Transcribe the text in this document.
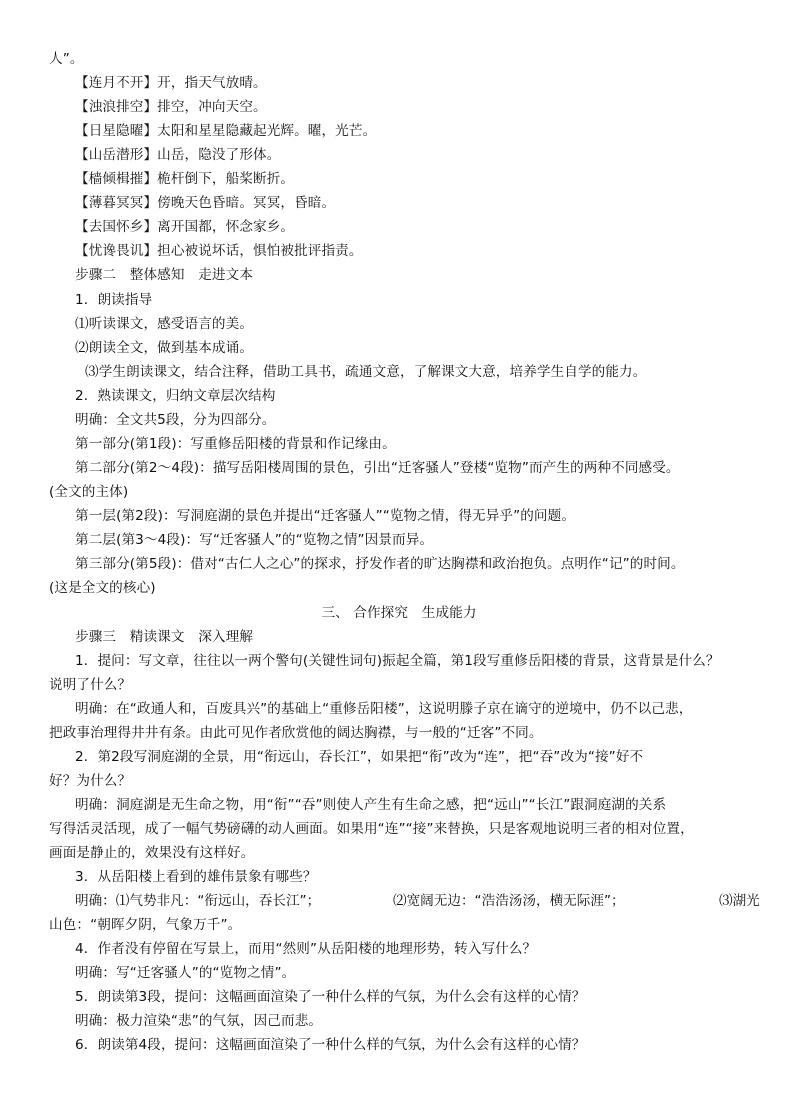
人”。
【连月不开】开，指天气放晴。
【浊浪排空】排空，冲向天空。
【日星隐曜】太阳和星星隐藏起光辉。曜，光芒。
【山岳潜形】山岳，隐没了形体。
【樯倾楫摧】桅杆倒下，船桨断折。
【薄暮冥冥】傍晚天色昏暗。冥冥，昏暗。
【去国怀乡】离开国都，怀念家乡。
【忧谗畏讥】担心被说坏话，惧怕被批评指责。
步骤二　整体感知　走进文本
1．朗读指导
⑴听读课文，感受语言的美。
⑵朗读全文，做到基本成诵。
⑶学生朗读课文，结合注释，借助工具书，疏通文意，了解课文大意，培养学生自学的能力。
2．熟读课文，归纳文章层次结构
明确：全文共5段，分为四部分。
第一部分(第1段)：写重修岳阳楼的背景和作记缘由。
第二部分(第2～4段)：描写岳阳楼周围的景色，引出“迁客骚人”登楼“览物”而产生的两种不同感受。
(全文的主体)
第一层(第2段)：写洞庭湖的景色并提出“迁客骚人”“览物之情，得无异乎”的问题。
第二层(第3～4段)：写“迁客骚人”的“览物之情”因景而异。
第三部分(第5段)：借对“古仁人之心”的探求，抒发作者的旷达胸襟和政治抱负。点明作“记”的时间。
(这是全文的核心)
三、 合作探究　生成能力
步骤三　精读课文　深入理解
1．提问：写文章，往往以一两个警句(关键性词句)振起全篇，第1段写重修岳阳楼的背景，这背景是什么？
说明了什么？
明确：在“政通人和，百废具兴”的基础上“重修岳阳楼”，这说明滕子京在谪守的逆境中，仍不以己悲，
把政事治理得井井有条。由此可见作者欣赏他的阔达胸襟，与一般的“迁客”不同。
2．第2段写洞庭湖的全景，用“衔远山，吞长江”，如果把“衔”改为“连”，把“吞”改为“接”好不
好？为什么？
明确：洞庭湖是无生命之物，用“衔”“吞”则使人产生有生命之感，把“远山”“长江”跟洞庭湖的关系
写得活灵活现，成了一幅气势磅礴的动人画面。如果用“连”“接”来替换，只是客观地说明三者的相对位置，
画面是静止的，效果没有这样好。
3．从岳阳楼上看到的雄伟景象有哪些？
明确：⑴气势非凡：“衔远山，吞长江”；	⑵宽阔无边：“浩浩汤汤，横无际涯”；	⑶湖光
山色：“朝晖夕阴，气象万千”。
4．作者没有停留在写景上，而用“然则”从岳阳楼的地理形势，转入写什么？
明确：写“迁客骚人”的“览物之情”。
5．朗读第3段，提问：这幅画面渲染了一种什么样的气氛，为什么会有这样的心情？
明确：极力渲染“悲”的气氛，因己而悲。
6．朗读第4段，提问：这幅画面渲染了一种什么样的气氛，为什么会有这样的心情？
